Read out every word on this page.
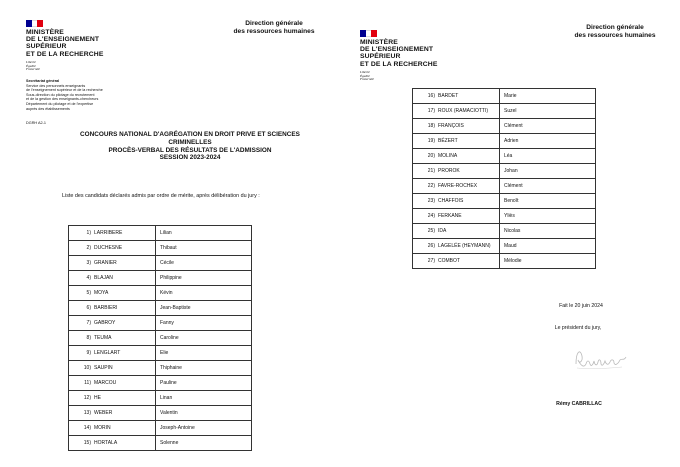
MINISTÈRE
DE L'ENSEIGNEMENT
SUPÉRIEUR
ET DE LA RECHERCHE
Liberté
Égalité
Fraternité
Direction générale
des ressources humaines
Secrétariat général
Service des personnels enseignants
de l'enseignement supérieur et de la recherche
Sous-direction du pilotage du recrutement
et de la gestion des enseignants-chercheurs
Département du pilotage et de l'expertise
auprès des établissements
DGRH A2-1
CONCOURS NATIONAL D'AGRÉGATION EN DROIT PRIVE ET SCIENCES
CRIMINELLES
PROCÈS-VERBAL DES RÉSULTATS DE L'ADMISSION
SESSION 2023-2024
Liste des candidats déclarés admis par ordre de mérite, après délibération du jury :
1) LARRIBERE	Lilian
2) DUCHESNE	Thibaut
3) GRANIER	Cécile
4) BLAJAN	Philippine
5) MOYA	Kévin
6) BARBIERI	Jean-Baptiste
7) GABROY	Fanny
8) TEUMA	Caroline
9) LENGLART	Elie
10) SAUPIN	Thiphaine
11) MARCOU	Pauline
12) HE	Linan
13) WEBER	Valentin
14) MORIN	Joseph-Antoine
15) HORTALA	Solenne
MINISTÈRE
DE L'ENSEIGNEMENT
SUPÉRIEUR
ET DE LA RECHERCHE
Liberté
Égalité
Fraternité
Direction générale
des ressources humaines
16) BARDET	Marie
17) ROUX (RAMACIOTTI)	Suzel
18) FRANÇOIS	Clément
19) BÉZERT	Adrien
20) MOLINA	Léa
21) PROROK	Johan
22) FAVRE-ROCHEX	Clément
23) CHAFFOIS	Benoît
24) FERKANE	Yliès
25) IDA	Nicolas
26) LAGELÉE (HEYMANN)	Maud
27) COMBOT	Mélodie
Fait le 20 juin 2024
Le président du jury,
Rémy CABRILLAC
